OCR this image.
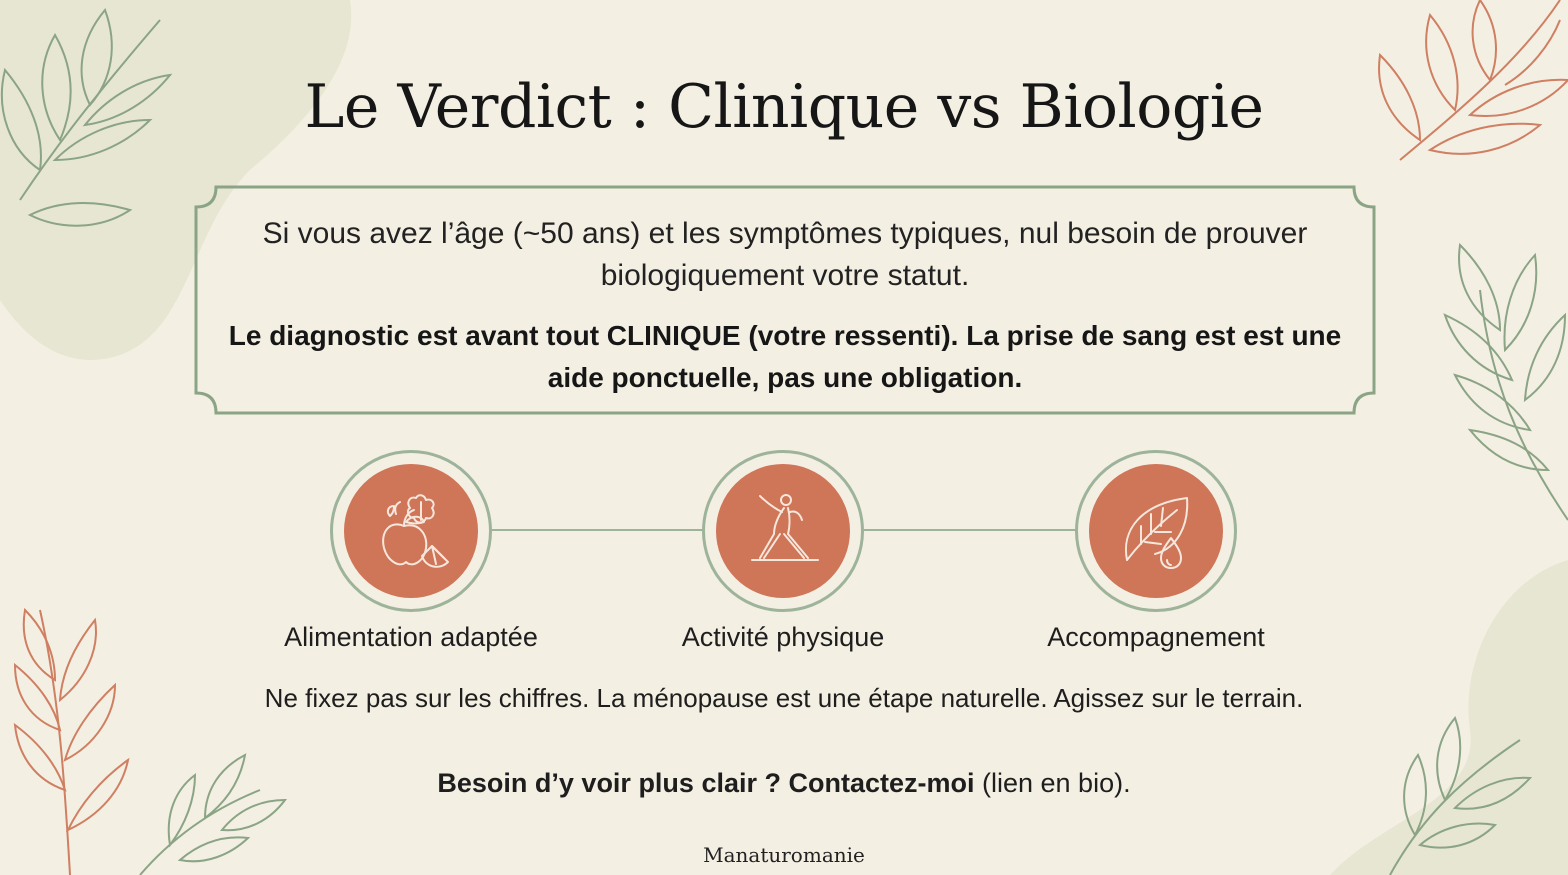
Le Verdict : Clinique vs Biologie
Si vous avez l’âge (~50 ans) et les symptômes typiques, nul besoin de prouver biologiquement votre statut.
Le diagnostic est avant tout CLINIQUE (votre ressenti). La prise de sang est est une aide ponctuelle, pas une obligation.
Alimentation adaptée	Activité physique	Accompagnement
Ne fixez pas sur les chiffres. La ménopause est une étape naturelle. Agissez sur le terrain.
Besoin d’y voir plus clair ? Contactez-moi (lien en bio).
Manaturomanie
